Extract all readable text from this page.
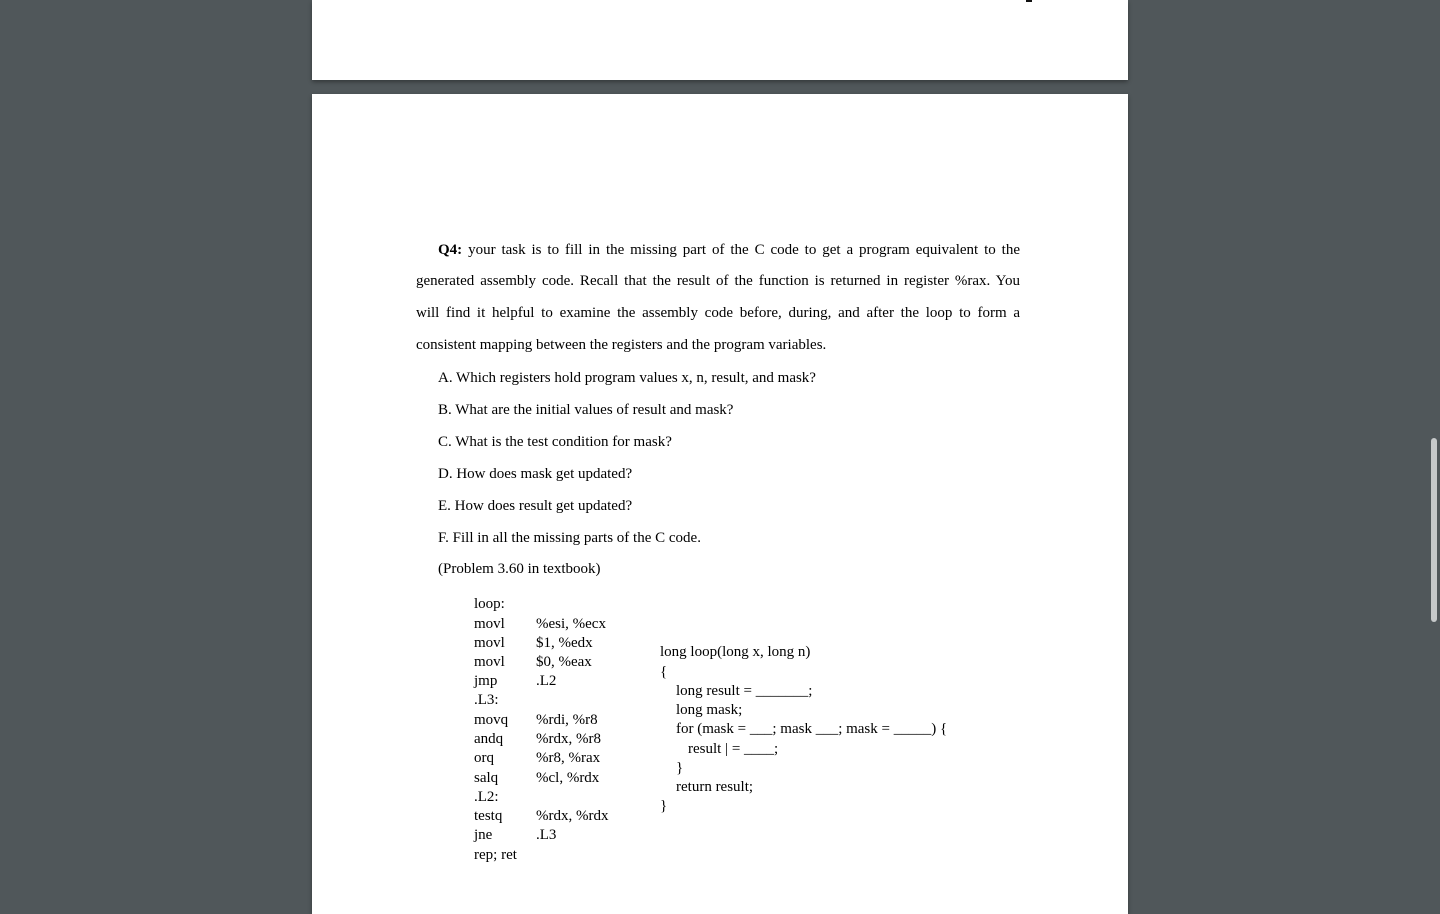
Q4: your task is to fill in the missing part of the C code to get a program equivalent to the
generated assembly code. Recall that the result of the function is returned in register %rax. You
will find it helpful to examine the assembly code before, during, and after the loop to form a
consistent mapping between the registers and the program variables.
A. Which registers hold program values x, n, result, and mask?
B. What are the initial values of result and mask?
C. What is the test condition for mask?
D. How does mask get updated?
E. How does result get updated?
F. Fill in all the missing parts of the C code.
(Problem 3.60 in textbook)
loop:
movl %esi, %ecx
movl $1, %edx
movl $0, %eax
jmp	.L2
.L3:
movq %rdi, %r8
andq %rdx, %r8
orq	%r8, %rax
salq	%cl, %rdx
.L2:
testq %rdx, %rdx
jne	.L3
rep; ret
long loop(long x, long n)
{
long result = _______;
long mask;
for (mask = ___; mask ___; mask = _____) {
result | = ____;
}
return result;
}
